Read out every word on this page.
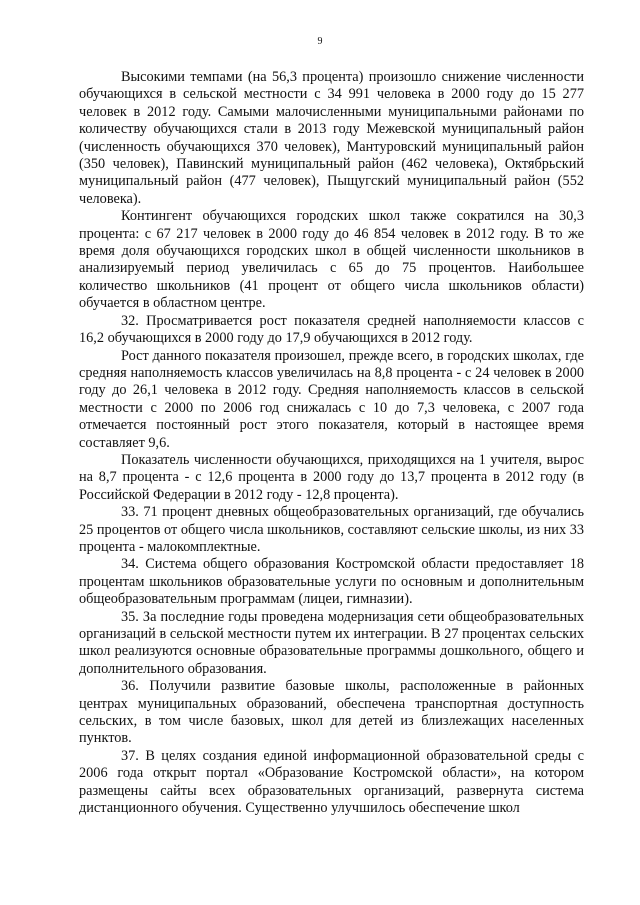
9

Высокими темпами (на 56,3 процента) произошло снижение численности обучающихся в сельской местности с 34 991 человека в 2000 году до 15 277 человек в 2012 году. Самыми малочисленными муниципальными районами по количеству обучающихся стали в 2013 году Межевской муниципальный район (численность обучающихся 370 человек), Мантуровский муниципальный район (350 человек), Павинский муниципальный район (462 человека), Октябрьский муниципальный район (477 человек), Пыщугский муниципальный район (552 человека).

Контингент обучающихся городских школ также сократился на 30,3 процента: с 67 217 человек в 2000 году до 46 854 человек в 2012 году. В то же время доля обучающихся городских школ в общей численности школьников в анализируемый период увеличилась с 65 до 75 процентов. Наибольшее количество школьников (41 процент от общего числа школьников области) обучается в областном центре.

32. Просматривается рост показателя средней наполняемости классов с 16,2 обучающихся в 2000 году до 17,9 обучающихся в 2012 году.

Рост данного показателя произошел, прежде всего, в городских школах, где средняя наполняемость классов увеличилась на 8,8 процента - с 24 человек в 2000 году до 26,1 человека в 2012 году. Средняя наполняемость классов в сельской местности с 2000 по 2006 год снижалась с 10 до 7,3 человека, с 2007 года отмечается постоянный рост этого показателя, который в настоящее время составляет 9,6.

Показатель численности обучающихся, приходящихся на 1 учителя, вырос на 8,7 процента - с 12,6 процента в 2000 году до 13,7 процента в 2012 году (в Российской Федерации в 2012 году - 12,8 процента).

33. 71 процент дневных общеобразовательных организаций, где обучались 25 процентов от общего числа школьников, составляют сельские школы, из них 33 процента - малокомплектные.

34. Система общего образования Костромской области предоставляет 18 процентам школьников образовательные услуги по основным и дополнительным общеобразовательным программам (лицеи, гимназии).

35. За последние годы проведена модернизация сети общеобразовательных организаций в сельской местности путем их интеграции. В 27 процентах сельских школ реализуются основные образовательные программы дошкольного, общего и дополнительного образования.

36. Получили развитие базовые школы, расположенные в районных центрах муниципальных образований, обеспечена транспортная доступность сельских, в том числе базовых, школ для детей из близлежащих населенных пунктов.

37. В целях создания единой информационной образовательной среды с 2006 года открыт портал «Образование Костромской области», на котором размещены сайты всех образовательных организаций, развернута система дистанционного обучения. Существенно улучшилось обеспечение школ
